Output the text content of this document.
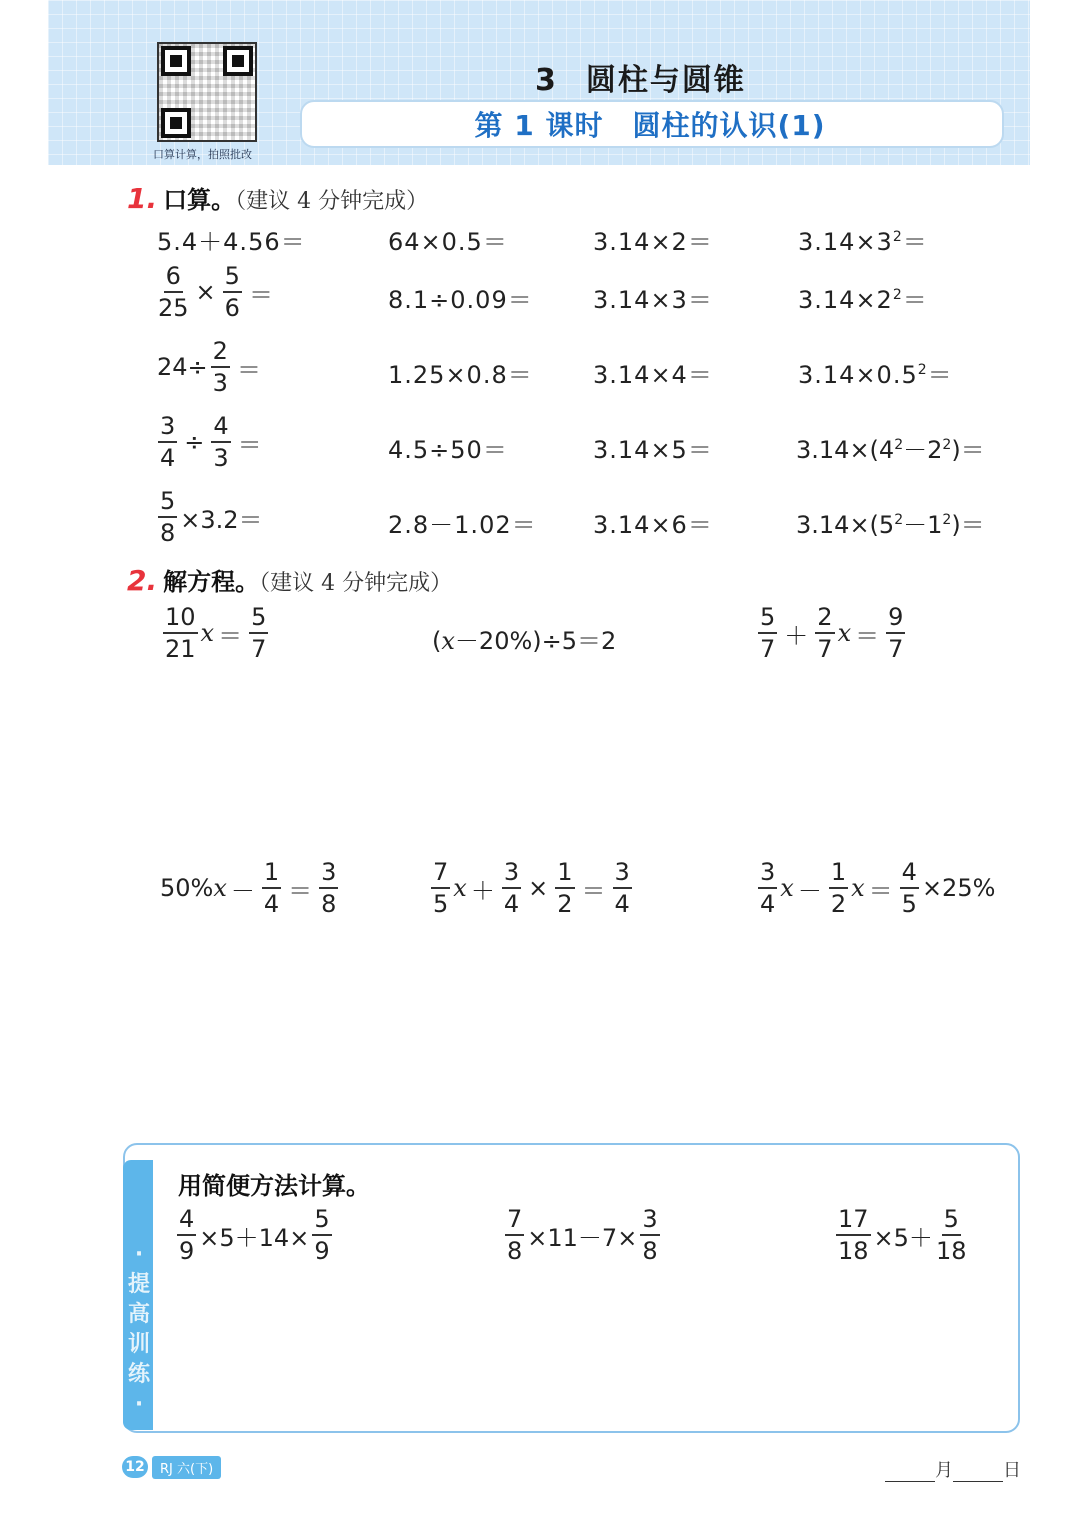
口算计算，拍照批改
3 圆柱与圆锥
第 1 课时　圆柱的认识(1)
1. 口算。（建议 4 分钟完成）
5.4＋4.56＝	64×0.5＝	3.14×2＝	$3.14\times 3^2=$
$\frac{6}{25} \times \frac{5}{6}$ ＝	8.1÷0.09＝	3.14×3＝	$3.14\times 2^2=$
$24\div \frac{2}{3}$ ＝	1.25×0.8＝	3.14×4＝	$3.14\times 0.5^2=$
$\frac{3}{4} \div \frac{4}{3}$ ＝	4.5÷50＝	3.14×5＝	$3.14\times(4^2-2^2)=$
$\frac{5}{8} \times 3.2=$	2.8－1.02＝ 3.14×6＝	$3.14\times(5^2-1^2)=$
2. 解方程。（建议 4 分钟完成）
$\frac{10}{21}$ $x = \frac{5}{7}$	(x－20%)÷5＝2	$\frac{5}{7} + \frac{2}{7}$ $x = \frac{9}{7}$
50% $x - \frac{1}{4} = \frac{3}{8}$	$\frac{7}{5}$ $x + \frac{3}{4} \times \frac{1}{2} = \frac{3}{4}$	$\frac{3}{4}$ $x - \frac{1}{2}$ $x = \frac{4}{5} \times 25\%$
·提高训练·
用简便方法计算。
$\frac{4}{9} \times 5+14\times \frac{5}{9}$	$\frac{7}{8} \times 11-7\times \frac{3}{8}$	$\frac{17}{18} \times 5+ \frac{5}{18}$
12	RJ 六(下)	月	日
